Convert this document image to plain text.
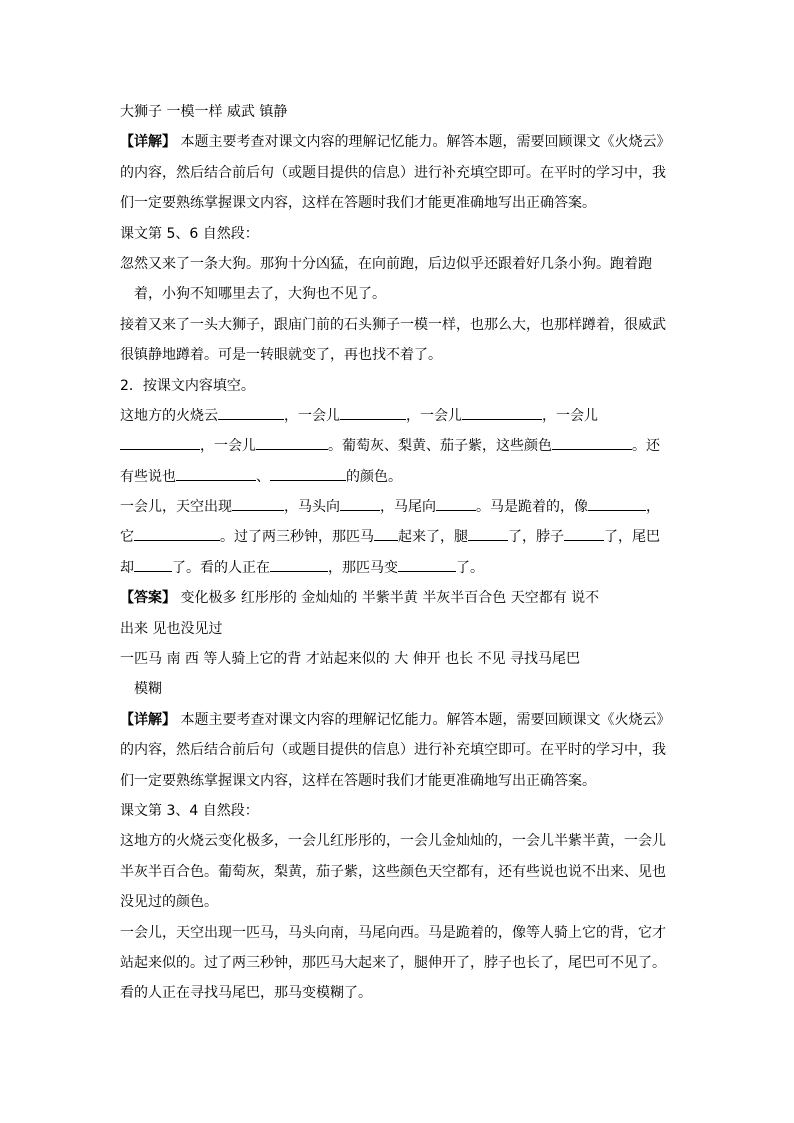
大狮子 一模一样 威武 镇静
【详解】 本题主要考查对课文内容的理解记忆能力。解答本题，需要回顾课文《火烧云》
的内容，然后结合前后句（或题目提供的信息）进行补充填空即可。在平时的学习中，我
们一定要熟练掌握课文内容，这样在答题时我们才能更准确地写出正确答案。
课文第 5、6 自然段：
忽然又来了一条大狗。那狗十分凶猛，在向前跑，后边似乎还跟着好几条小狗。跑着跑
着，小狗不知哪里去了，大狗也不见了。
接着又来了一头大狮子，跟庙门前的石头狮子一模一样，也那么大，也那样蹲着，很威武
很镇静地蹲着。可是一转眼就变了，再也找不着了。
2．按课文内容填空。
这地方的火烧云	，一会儿	，一会儿	，一会儿
，一会儿	。葡萄灰、梨黄、茄子紫，这些颜色	。还
有些说也	、	的颜色。
一会儿，天空出现	，马头向	，马尾向	。马是跪着的，像	，
它	。过了两三秒钟，那匹马 起来了，腿	了，脖子	了，尾巴
却	了。看的人正在	，那匹马变	了。
【答案】 变化极多 红彤彤的 金灿灿的 半紫半黄 半灰半百合色 天空都有 说不
出来 见也没见过
一匹马 南 西 等人骑上它的背 才站起来似的 大 伸开 也长 不见 寻找马尾巴
模糊
【详解】 本题主要考查对课文内容的理解记忆能力。解答本题，需要回顾课文《火烧云》
的内容，然后结合前后句（或题目提供的信息）进行补充填空即可。在平时的学习中，我
们一定要熟练掌握课文内容，这样在答题时我们才能更准确地写出正确答案。
课文第 3、4 自然段：
这地方的火烧云变化极多，一会儿红彤彤的，一会儿金灿灿的，一会儿半紫半黄，一会儿
半灰半百合色。葡萄灰，梨黄，茄子紫，这些颜色天空都有，还有些说也说不出来、见也
没见过的颜色。
一会儿，天空出现一匹马，马头向南，马尾向西。马是跪着的，像等人骑上它的背，它才
站起来似的。过了两三秒钟，那匹马大起来了，腿伸开了，脖子也长了，尾巴可不见了。
看的人正在寻找马尾巴，那马变模糊了。
